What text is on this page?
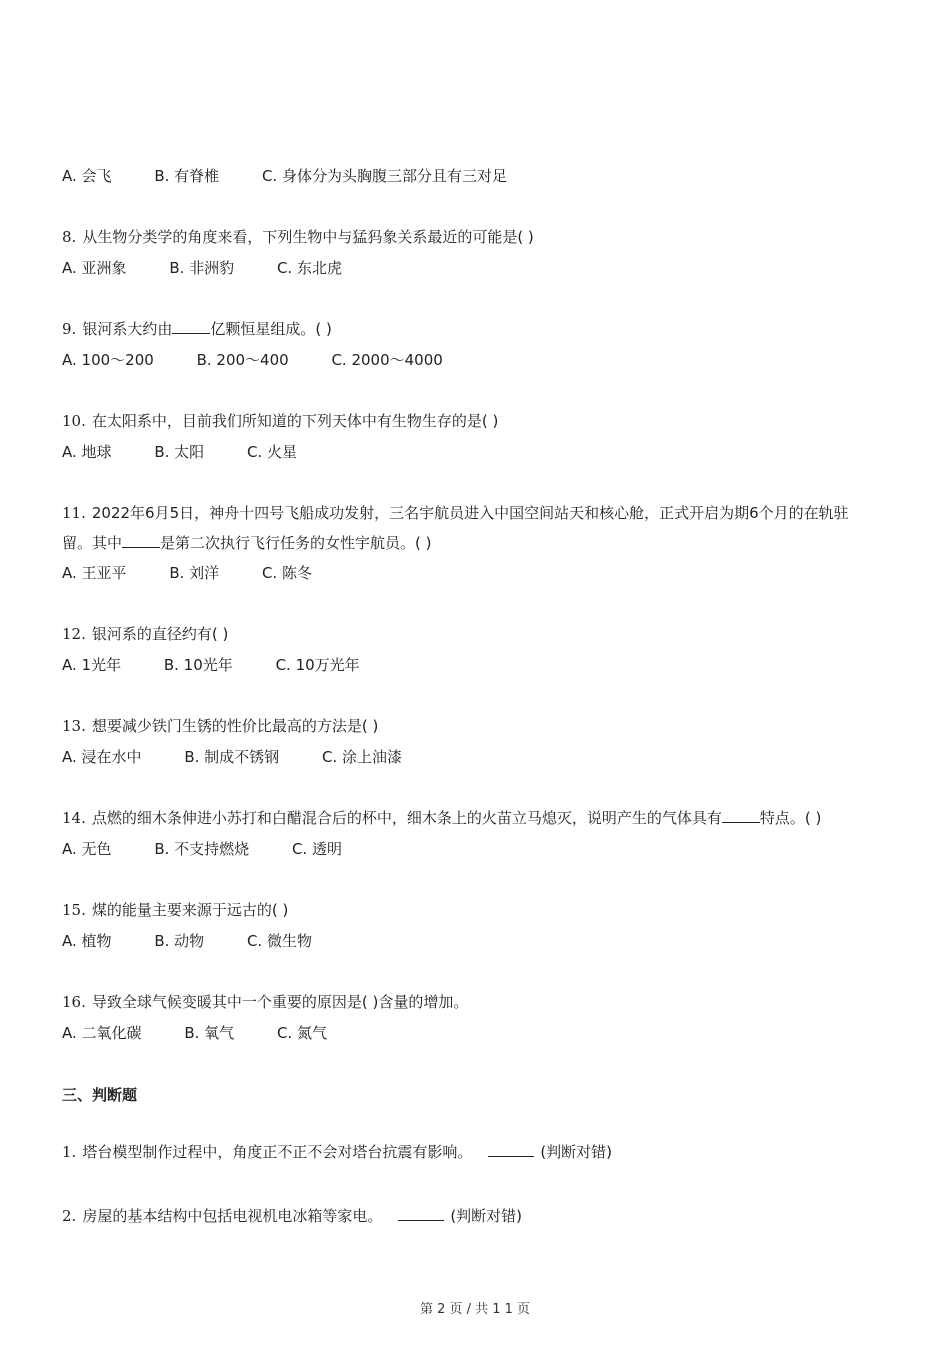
A. 会飞	B. 有脊椎	C. 身体分为头胸腹三部分且有三对足
8. 从生物分类学的角度来看，下列生物中与猛犸象关系最近的可能是( )
A. 亚洲象	B. 非洲豹	C. 东北虎
9. 银河系大约由	亿颗恒星组成。( )
A. 100～200	B. 200～400	C. 2000～4000
10. 在太阳系中，目前我们所知道的下列天体中有生物生存的是( )
A. 地球	B. 太阳	C. 火星
11. 2022年6月5日，神舟十四号飞船成功发射，三名宇航员进入中国空间站天和核心舱，正式开启为期6个月的在轨驻
留。其中	是第二次执行飞行任务的女性宇航员。( )
A. 王亚平	B. 刘洋	C. 陈冬
12. 银河系的直径约有( )
A. 1光年	B. 10光年	C. 10万光年
13. 想要减少铁门生锈的性价比最高的方法是( )
A. 浸在水中	B. 制成不锈钢	C. 涂上油漆
14. 点燃的细木条伸进小苏打和白醋混合后的杯中，细木条上的火苗立马熄灭，说明产生的气体具有	特点。( )
A. 无色	B. 不支持燃烧	C. 透明
15. 煤的能量主要来源于远古的( )
A. 植物	B. 动物	C. 微生物
16. 导致全球气候变暖其中一个重要的原因是( )含量的增加。
A. 二氧化碳	B. 氧气	C. 氮气
三、判断题
1. 塔台模型制作过程中，角度正不正不会对塔台抗震有影响。	(判断对错)
2. 房屋的基本结构中包括电视机电冰箱等家电。	(判断对错)
第 2 页 / 共 1 1 页
